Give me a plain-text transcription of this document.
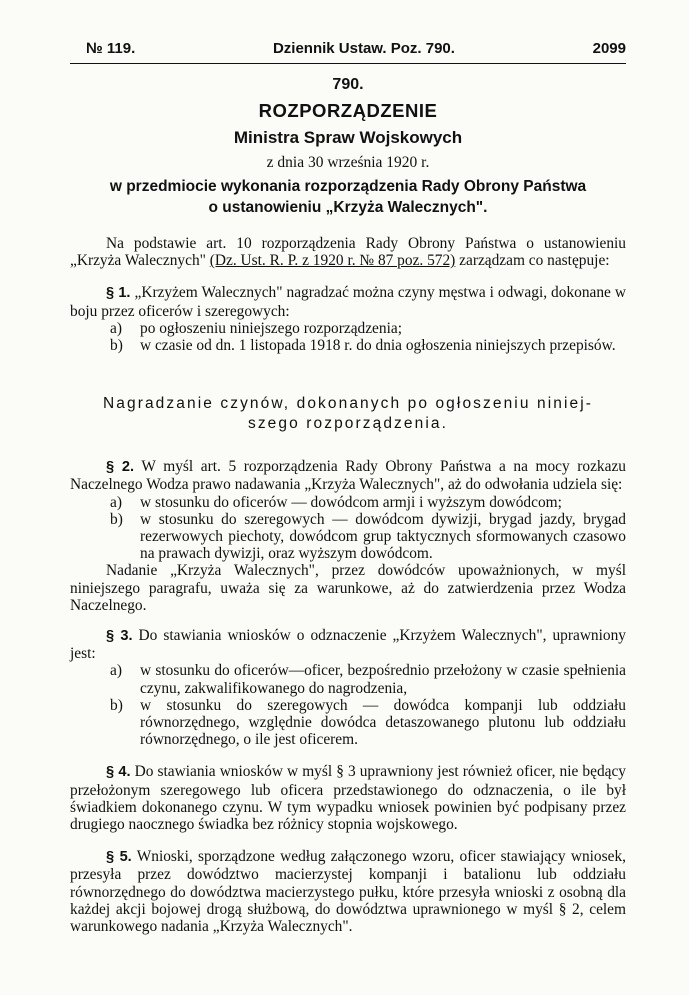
№ 119.	Dziennik Ustaw. Poz. 790.	2099
790.
ROZPORZĄDZENIE
Ministra Spraw Wojskowych
z dnia 30 września 1920 r.
w przedmiocie wykonania rozporządzenia Rady Obrony Państwa
o ustanowieniu „Krzyża Walecznych".

Na podstawie art. 10 rozporządzenia Rady Obrony Państwa o ustanowieniu „Krzyża Walecznych" (Dz. Ust. R. P. z 1920 r. № 87 poz. 572) zarządzam co następuje:

§ 1. „Krzyżem Walecznych" nagradzać można czyny męstwa i odwagi, dokonane w boju przez oficerów i szeregowych:

a)	po ogłoszeniu niniejszego rozporządzenia;
b)	w czasie od dn. 1 listopada 1918 r. do dnia ogłoszenia niniejszych przepisów.
Nagradzanie czynów, dokonanych po ogłoszeniu niniej-
szego rozporządzenia.

§ 2. W myśl art. 5 rozporządzenia Rady Obrony Państwa a na mocy rozkazu Naczelnego Wodza prawo nadawania „Krzyża Walecznych", aż do odwołania udziela się:

a)	w stosunku do oficerów — dowódcom armji i wyższym dowódcom;
b)	w stosunku do szeregowych — dowódcom dywizji, brygad jazdy, brygad rezerwowych piechoty, dowódcom grup taktycznych sformowanych czasowo na prawach dywizji, oraz wyższym dowódcom.

Nadanie „Krzyża Walecznych", przez dowódców upoważnionych, w myśl niniejszego paragrafu, uważa się za warunkowe, aż do zatwierdzenia przez Wodza Naczelnego.

§ 3. Do stawiania wniosków o odznaczenie „Krzyżem Walecznych", uprawniony jest:

a)	w stosunku do oficerów—oficer, bezpośrednio przełożony w czasie spełnienia czynu, zakwalifikowanego do nagrodzenia,
b)	w stosunku do szeregowych — dowódca kompanji lub oddziału równorzędnego, względnie dowódca detaszowanego plutonu lub oddziału równorzędnego, o ile jest oficerem.

§ 4. Do stawiania wniosków w myśl § 3 uprawniony jest również oficer, nie będący przełożonym szeregowego lub oficera przedstawionego do odznaczenia, o ile był świadkiem dokonanego czynu. W tym wypadku wniosek powinien być podpisany przez drugiego naocznego świadka bez różnicy stopnia wojskowego.

§ 5. Wnioski, sporządzone według załączonego wzoru, oficer stawiający wniosek, przesyła przez dowództwo macierzystej kompanji i batalionu lub oddziału równorzędnego do dowództwa macierzystego pułku, które przesyła wnioski z osobną dla każdej akcji bojowej drogą służbową, do dowództwa uprawnionego w myśl § 2, celem warunkowego nadania „Krzyża Walecznych".
